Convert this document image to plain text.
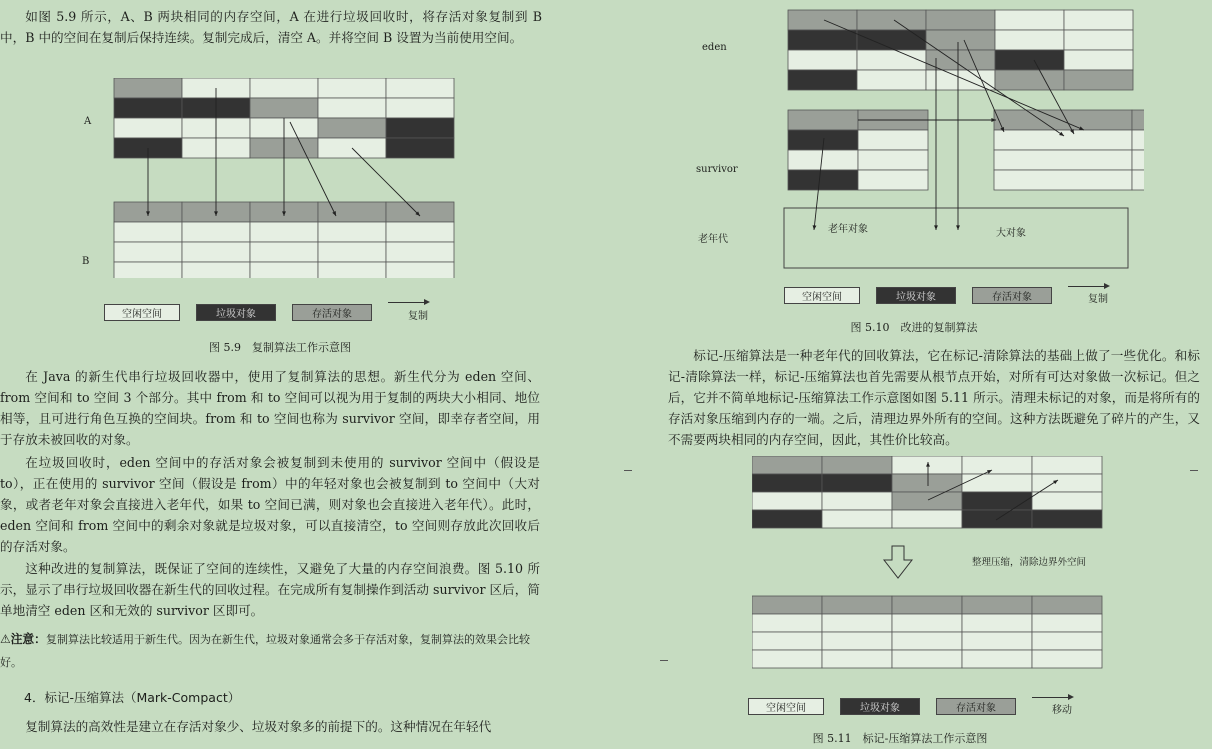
如图 5.9 所示，A、B 两块相同的内存空间，A 在进行垃圾回收时，将存活对象复制到 B 中，B 中的空间在复制后保持连续。复制完成后，清空 A。并将空间 B 设置为当前使用空间。

A
B
空闲空间	垃圾对象	存活对象	复制
图 5.9　复制算法工作示意图

在 Java 的新生代串行垃圾回收器中，使用了复制算法的思想。新生代分为 eden 空间、from 空间和 to 空间 3 个部分。其中 from 和 to 空间可以视为用于复制的两块大小相同、地位相等，且可进行角色互换的空间块。from 和 to 空间也称为 survivor 空间，即幸存者空间，用于存放未被回收的对象。

在垃圾回收时，eden 空间中的存活对象会被复制到未使用的 survivor 空间中（假设是 to），正在使用的 survivor 空间（假设是 from）中的年轻对象也会被复制到 to 空间中（大对象，或者老年对象会直接进入老年代，如果 to 空间已满，则对象也会直接进入老年代）。此时，eden 空间和 from 空间中的剩余对象就是垃圾对象，可以直接清空，to 空间则存放此次回收后的存活对象。

这种改进的复制算法，既保证了空间的连续性，又避免了大量的内存空间浪费。图 5.10 所示，显示了串行垃圾回收器在新生代的回收过程。在完成所有复制操作到活动 survivor 区后，简单地清空 eden 区和无效的 survivor 区即可。

⚠注意：复制算法比较适用于新生代。因为在新生代，垃圾对象通常会多于存活对象，复制算法的效果会比较好。
4．标记-压缩算法（Mark-Compact）

复制算法的高效性是建立在存活对象少、垃圾对象多的前提下的。这种情况在年轻代

eden
survivor
老年代
老年对象	大对象
空闲空间	垃圾对象	存活对象	复制
图 5.10　改进的复制算法

标记-压缩算法是一种老年代的回收算法，它在标记-清除算法的基础上做了一些优化。和标记-清除算法一样，标记-压缩算法也首先需要从根节点开始，对所有可达对象做一次标记。但之后，它并不简单地标记-压缩算法工作示意图如图 5.11 所示。清理未标记的对象，而是将所有的存活对象压缩到内存的一端。之后，清理边界外所有的空间。这种方法既避免了碎片的产生，又不需要两块相同的内存空间，因此，其性价比较高。

整理压缩，清除边界外空间
空闲空间	垃圾对象	存活对象	移动
图 5.11　标记-压缩算法工作示意图
